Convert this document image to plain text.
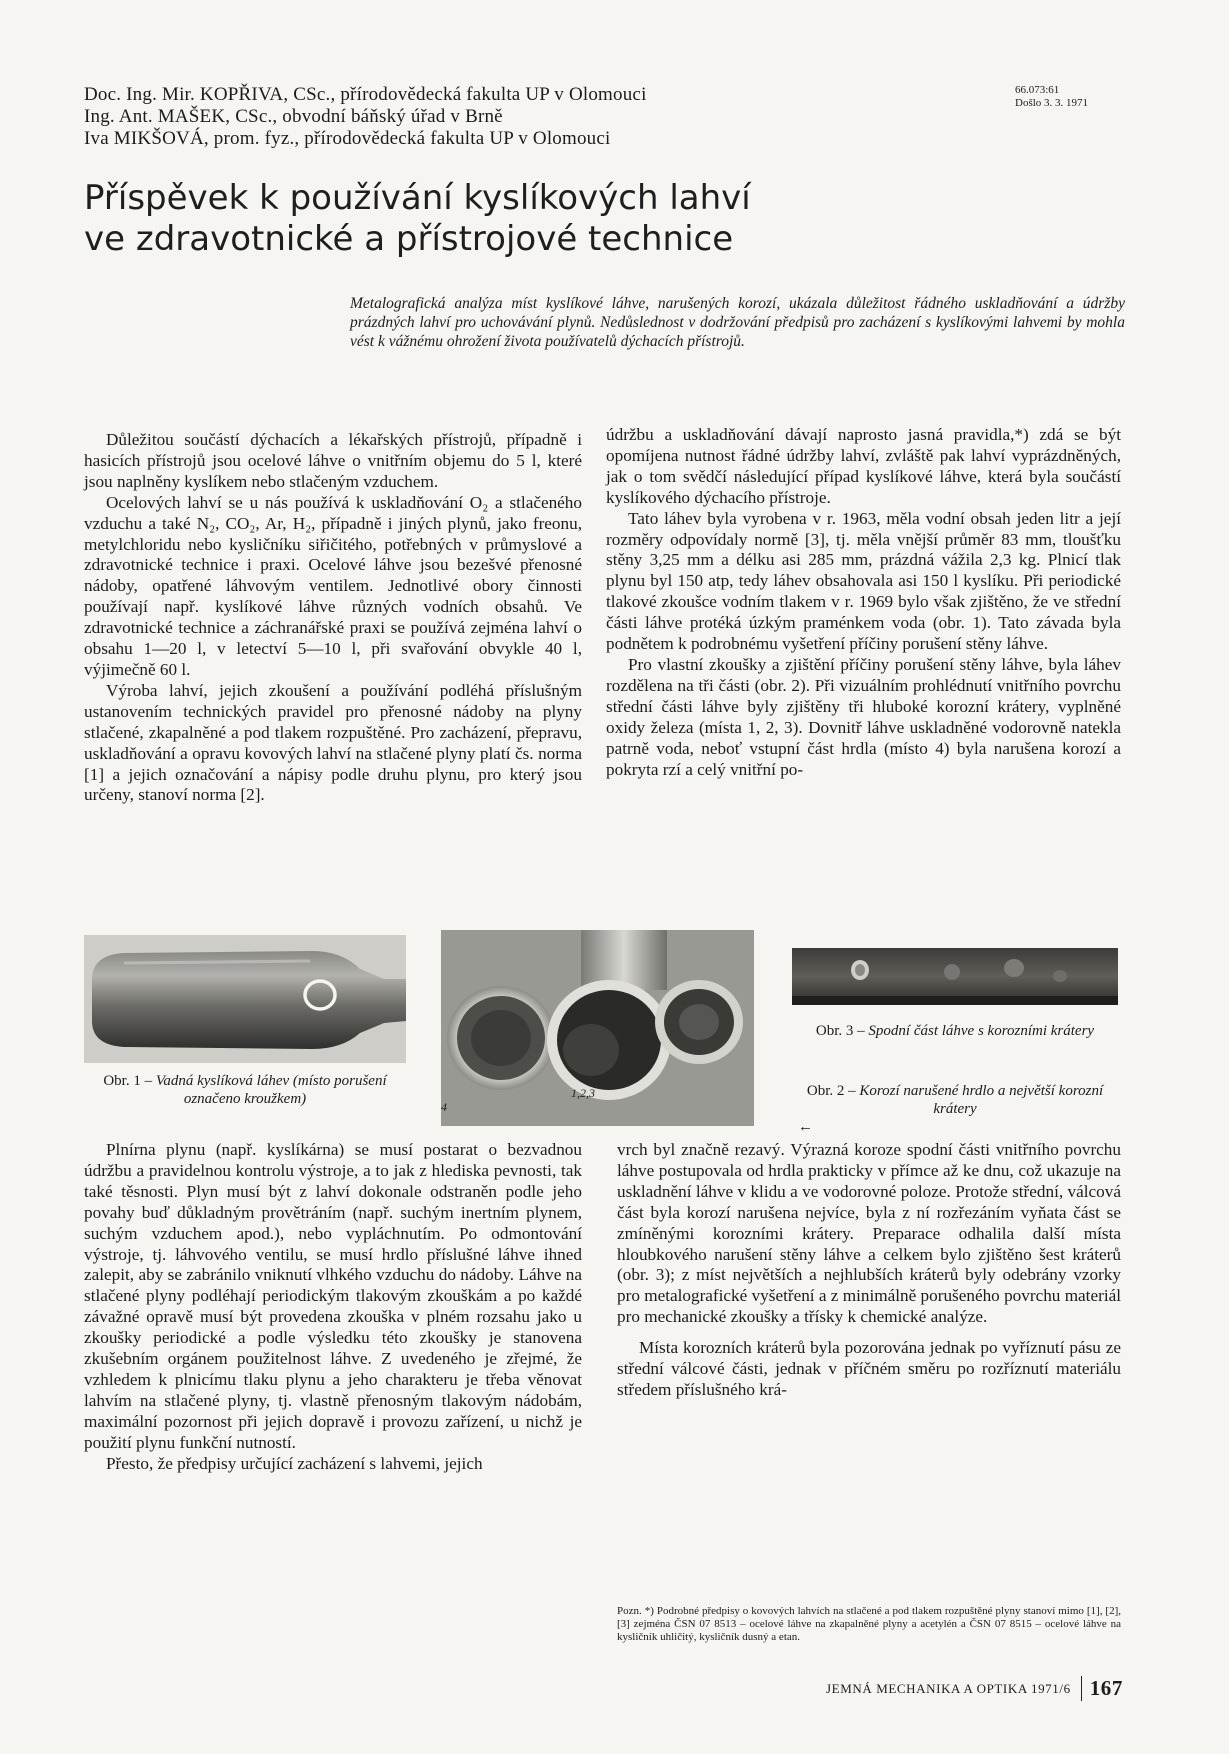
Doc. Ing. Mir. KOPŘIVA, CSc., přírodovědecká fakulta UP v Olomouci
Ing. Ant. MAŠEK, CSc., obvodní báňský úřad v Brně
Iva MIKŠOVÁ, prom. fyz., přírodovědecká fakulta UP v Olomouci
66.073:61
Došlo 3. 3. 1971
Příspěvek k používání kyslíkových lahví
ve zdravotnické a přístrojové technice
Metalografická analýza míst kyslíkové láhve, narušených korozí, ukázala důležitost řádného uskladňování a údržby prázdných lahví pro uchovávání plynů. Nedůslednost v dodržování předpisů pro zacházení s kyslíkovými lahvemi by mohla vést k vážnému ohrožení života používatelů dýchacích přístrojů.

Důležitou součástí dýchacích a lékařských přístrojů, případně i hasicích přístrojů jsou ocelové láhve o vnitřním objemu do 5 l, které jsou naplněny kyslíkem nebo stlačeným vzduchem.

Ocelových lahví se u nás používá k uskladňování O₂ a stlačeného vzduchu a také N₂, CO₂, Ar, H₂, případně i jiných plynů, jako freonu, metylchloridu nebo kysličníku siřičitého, potřebných v průmyslové a zdravotnické technice i praxi. Ocelové láhve jsou bezešvé přenosné nádoby, opatřené láhvovým ventilem. Jednotlivé obory činnosti používají např. kyslíkové láhve různých vodních obsahů. Ve zdravotnické technice a záchranářské praxi se používá zejména lahví o obsahu 1—20 l, v letectví 5—10 l, při svařování obvykle 40 l, výjimečně 60 l.

Výroba lahví, jejich zkoušení a používání podléhá příslušným ustanovením technických pravidel pro přenosné nádoby na plyny stlačené, zkapalněné a pod tlakem rozpuštěné. Pro zacházení, přepravu, uskladňování a opravu kovových lahví na stlačené plyny platí čs. norma [1] a jejich označování a nápisy podle druhu plynu, pro který jsou určeny, stanoví norma [2].

údržbu a uskladňování dávají naprosto jasná pravidla,*) zdá se být opomíjena nutnost řádné údržby lahví, zvláště pak lahví vyprázdněných, jak o tom svědčí následující případ kyslíkové láhve, která byla součástí kyslíkového dýchacího přístroje.

Tato láhev byla vyrobena v r. 1963, měla vodní obsah jeden litr a její rozměry odpovídaly normě [3], tj. měla vnější průměr 83 mm, tloušťku stěny 3,25 mm a délku asi 285 mm, prázdná vážila 2,3 kg. Plnicí tlak plynu byl 150 atp, tedy láhev obsahovala asi 150 l kyslíku. Při periodické tlakové zkoušce vodním tlakem v r. 1969 bylo však zjištěno, že ve střední části láhve protéká úzkým praménkem voda (obr. 1). Tato závada byla podnětem k podrobnému vyšetření příčiny porušení stěny láhve.

Pro vlastní zkoušky a zjištění příčiny porušení stěny láhve, byla láhev rozdělena na tři části (obr. 2). Při vizuálním prohlédnutí vnitřního povrchu střední části láhve byly zjištěny tři hluboké korozní krátery, vyplněné oxidy železa (místa 1, 2, 3). Dovnitř láhve uskladněné vodorovně natekla patrně voda, neboť vstupní část hrdla (místo 4) byla narušena korozí a pokryta rzí a celý vnitřní po-

Obr. 1 – Vadná kyslíková láhev (místo porušení označeno kroužkem)	4
1,2,3
Obr. 3 – Spodní část láhve s korozními krátery
Obr. 2 – Korozí narušené hrdlo a největší korozní krátery

←

Plnírna plynu (např. kyslíkárna) se musí postarat o bezvadnou údržbu a pravidelnou kontrolu výstroje, a to jak z hlediska pevnosti, tak také těsnosti. Plyn musí být z lahví dokonale odstraněn podle jeho povahy buď důkladným provětráním (např. suchým inertním plynem, suchým vzduchem apod.), nebo vypláchnutím. Po odmontování výstroje, tj. láhvového ventilu, se musí hrdlo příslušné láhve ihned zalepit, aby se zabránilo vniknutí vlhkého vzduchu do nádoby. Láhve na stlačené plyny podléhají periodickým tlakovým zkouškám a po každé závažné opravě musí být provedena zkouška v plném rozsahu jako u zkoušky periodické a podle výsledku této zkoušky je stanovena zkušebním orgánem použitelnost láhve. Z uvedeného je zřejmé, že vzhledem k plnicímu tlaku plynu a jeho charakteru je třeba věnovat lahvím na stlačené plyny, tj. vlastně přenosným tlakovým nádobám, maximální pozornost při jejich dopravě i provozu zařízení, u nichž je použití plynu funkční nutností.

Přesto, že předpisy určující zacházení s lahvemi, jejich

vrch byl značně rezavý. Výrazná koroze spodní části vnitřního povrchu láhve postupovala od hrdla prakticky v přímce až ke dnu, což ukazuje na uskladnění láhve v klidu a ve vodorovné poloze. Protože střední, válcová část byla korozí narušena nejvíce, byla z ní rozřezáním vyňata část se zmíněnými korozními krátery. Preparace odhalila další místa hloubkového narušení stěny láhve a celkem bylo zjištěno šest kráterů (obr. 3); z míst největších a nejhlubších kráterů byly odebrány vzorky pro metalografické vyšetření a z minimálně porušeného povrchu materiál pro mechanické zkoušky a třísky k chemické analýze.

Místa korozních kráterů byla pozorována jednak po vyříznutí pásu ze střední válcové části, jednak v příčném směru po rozříznutí materiálu středem příslušného krá-

Pozn. *) Podrobné předpisy o kovových lahvích na stlačené a pod tlakem rozpuštěné plyny stanoví mimo [1], [2], [3] zejména ČSN 07 8513 – ocelové láhve na zkapalněné plyny a acetylén a ČSN 07 8515 – ocelové láhve na kysličník uhličitý, kysličník dusný a etan.
JEMNÁ MECHANIKA A OPTIKA 1971/6 167
